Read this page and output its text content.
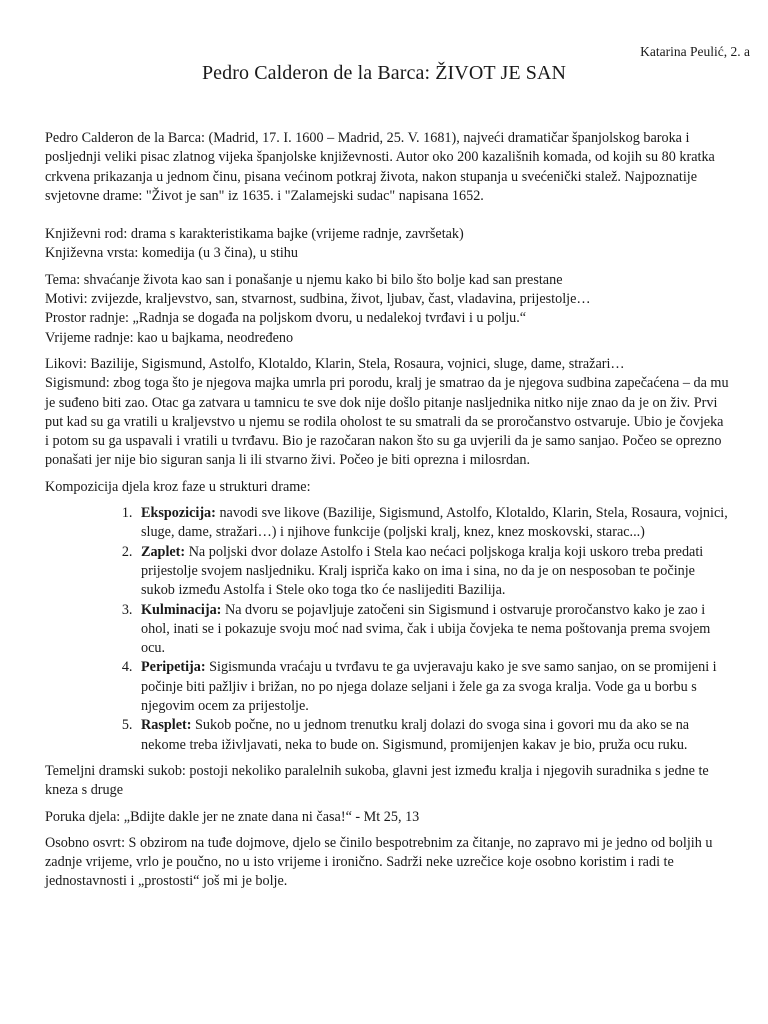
Katarina Peulić, 2. a
Pedro Calderon de la Barca: ŽIVOT JE SAN

Pedro Calderon de la Barca: (Madrid, 17. I. 1600 – Madrid, 25. V. 1681), najveći dramatičar španjolskog baroka i posljednji veliki pisac zlatnog vijeka španjolske književnosti. Autor oko 200 kazališnih komada, od kojih su 80 kratka crkvena prikazanja u jednom činu, pisana većinom potkraj života, nakon stupanja u svećenički stalež. Najpoznatije svjetovne drame: "Život je san" iz 1635. i "Zalamejski sudac" napisana 1652.

Književni rod: drama s karakteristikama bajke (vrijeme radnje, završetak)

Književna vrsta: komedija (u 3 čina), u stihu

Tema: shvaćanje života kao san i ponašanje u njemu kako bi bilo što bolje kad san prestane

Motivi: zvijezde, kraljevstvo, san, stvarnost, sudbina, život, ljubav, čast, vladavina, prijestolje…

Prostor radnje: „Radnja se događa na poljskom dvoru, u nedalekoj tvrđavi i u polju.“

Vrijeme radnje: kao u bajkama, neodređeno

Likovi: Bazilije, Sigismund, Astolfo, Klotaldo, Klarin, Stela, Rosaura, vojnici, sluge, dame, stražari…

Sigismund: zbog toga što je njegova majka umrla pri porodu, kralj je smatrao da je njegova sudbina zapečaćena – da mu je suđeno biti zao. Otac ga zatvara u tamnicu te sve dok nije došlo pitanje nasljednika nitko nije znao da je on živ. Prvi put kad su ga vratili u kraljevstvo u njemu se rodila oholost te su smatrali da se proročanstvo ostvaruje. Ubio je čovjeka i potom su ga uspavali i vratili u tvrđavu. Bio je razočaran nakon što su ga uvjerili da je samo sanjao. Počeo se oprezno ponašati jer nije bio siguran sanja li ili stvarno živi. Počeo je biti oprezna i milosrdan.

Kompozicija djela kroz faze u strukturi drame:

1. Ekspozicija: navodi sve likove (Bazilije, Sigismund, Astolfo, Klotaldo, Klarin, Stela, Rosaura, vojnici, sluge, dame, stražari…) i njihove funkcije (poljski kralj, knez, knez moskovski, starac...)
2. Zaplet: Na poljski dvor dolaze Astolfo i Stela kao nećaci poljskoga kralja koji uskoro treba predati prijestolje svojem nasljedniku. Kralj ispriča kako on ima i sina, no da je on nesposoban te počinje sukob između Astolfa i Stele oko toga tko će naslijediti Bazilija.
3. Kulminacija: Na dvoru se pojavljuje zatočeni sin Sigismund i ostvaruje proročanstvo kako je zao i ohol, inati se i pokazuje svoju moć nad svima, čak i ubija čovjeka te nema poštovanja prema svojem ocu.
4. Peripetija: Sigismunda vraćaju u tvrđavu te ga uvjeravaju kako je sve samo sanjao, on se promijeni i počinje biti pažljiv i brižan, no po njega dolaze seljani i žele ga za svoga kralja. Vode ga u borbu s njegovim ocem za prijestolje.
5. Rasplet: Sukob počne, no u jednom trenutku kralj dolazi do svoga sina i govori mu da ako se na nekome treba iživljavati, neka to bude on. Sigismund, promijenjen kakav je bio, pruža ocu ruku.

Temeljni dramski sukob: postoji nekoliko paralelnih sukoba, glavni jest između kralja i njegovih suradnika s jedne te kneza s druge

Poruka djela: „Bdijte dakle jer ne znate dana ni časa!“ - Mt 25, 13

Osobno osvrt: S obzirom na tuđe dojmove, djelo se činilo bespotrebnim za čitanje, no zapravo mi je jedno od boljih u zadnje vrijeme, vrlo je poučno, no u isto vrijeme i ironično. Sadrži neke uzrečice koje osobno koristim i radi te jednostavnosti i „prostosti“ još mi je bolje.
